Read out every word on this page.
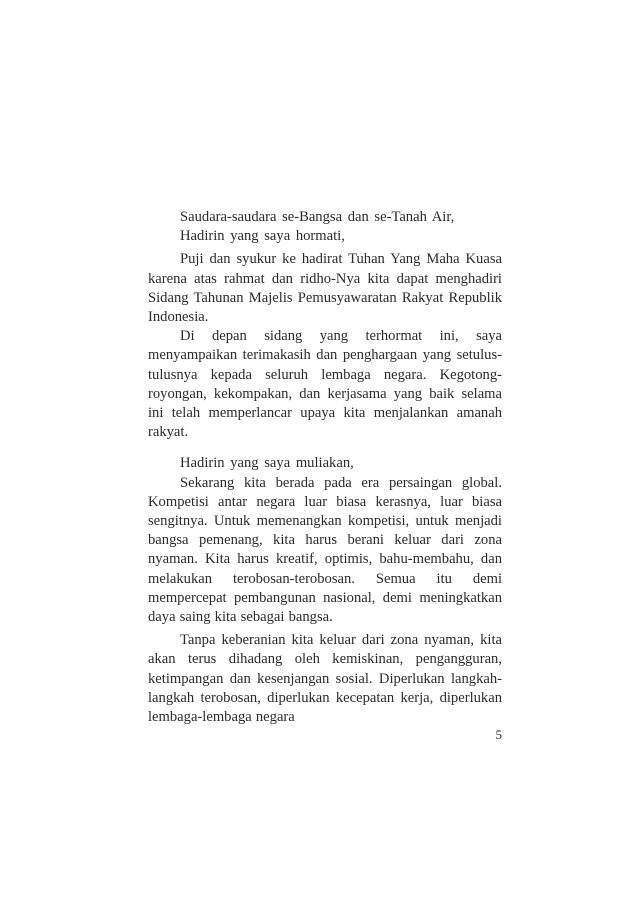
Saudara-saudara se-Bangsa dan se-Tanah Air,

Hadirin yang saya hormati,

Puji dan syukur ke hadirat Tuhan Yang Maha Kuasa karena atas rahmat dan ridho-Nya kita dapat menghadiri Sidang Tahunan Majelis Pemusyawaratan Rakyat Republik Indonesia.

Di depan sidang yang terhormat ini, saya menyampaikan terimakasih dan penghargaan yang setulus-tulusnya kepada seluruh lembaga negara. Kegotong-royongan, kekompakan, dan kerjasama yang baik selama ini telah memperlancar upaya kita menjalankan amanah rakyat.

Hadirin yang saya muliakan,

Sekarang kita berada pada era persaingan global. Kompetisi antar negara luar biasa kerasnya, luar biasa sengitnya. Untuk memenangkan kompetisi, untuk menjadi bangsa pemenang, kita harus berani keluar dari zona nyaman. Kita harus kreatif, optimis, bahu-membahu, dan melakukan terobosan-terobosan. Semua itu demi mempercepat pembangunan nasional, demi meningkatkan daya saing kita sebagai bangsa.

Tanpa keberanian kita keluar dari zona nyaman, kita akan terus dihadang oleh kemiskinan, pengangguran, ketimpangan dan kesenjangan sosial. Diperlukan langkah-langkah terobosan, diperlukan kecepatan kerja, diperlukan lembaga-lembaga negara

5
